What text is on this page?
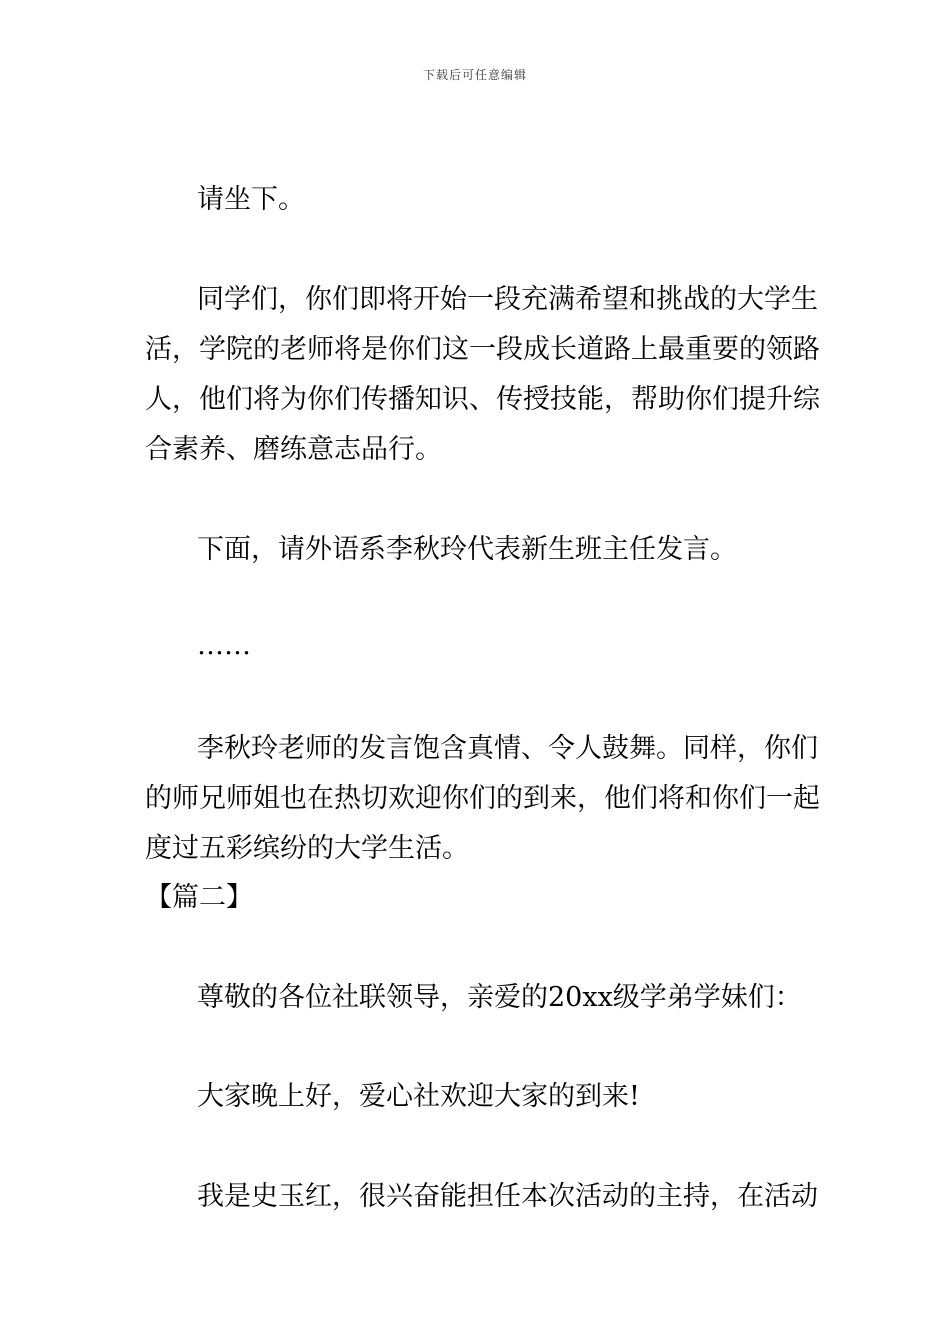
下载后可任意编辑
请坐下。
同学们，你们即将开始一段充满希望和挑战的大学生
活，学院的老师将是你们这一段成长道路上最重要的领路
人，他们将为你们传播知识、传授技能，帮助你们提升综
合素养、磨练意志品行。
下面，请外语系李秋玲代表新生班主任发言。
……
李秋玲老师的发言饱含真情、令人鼓舞。同样，你们
的师兄师姐也在热切欢迎你们的到来，他们将和你们一起
度过五彩缤纷的大学生活。
【篇二】
尊敬的各位社联领导，亲爱的20xx级学弟学妹们：
大家晚上好，爱心社欢迎大家的到来!
我是史玉红，很兴奋能担任本次活动的主持，在活动
